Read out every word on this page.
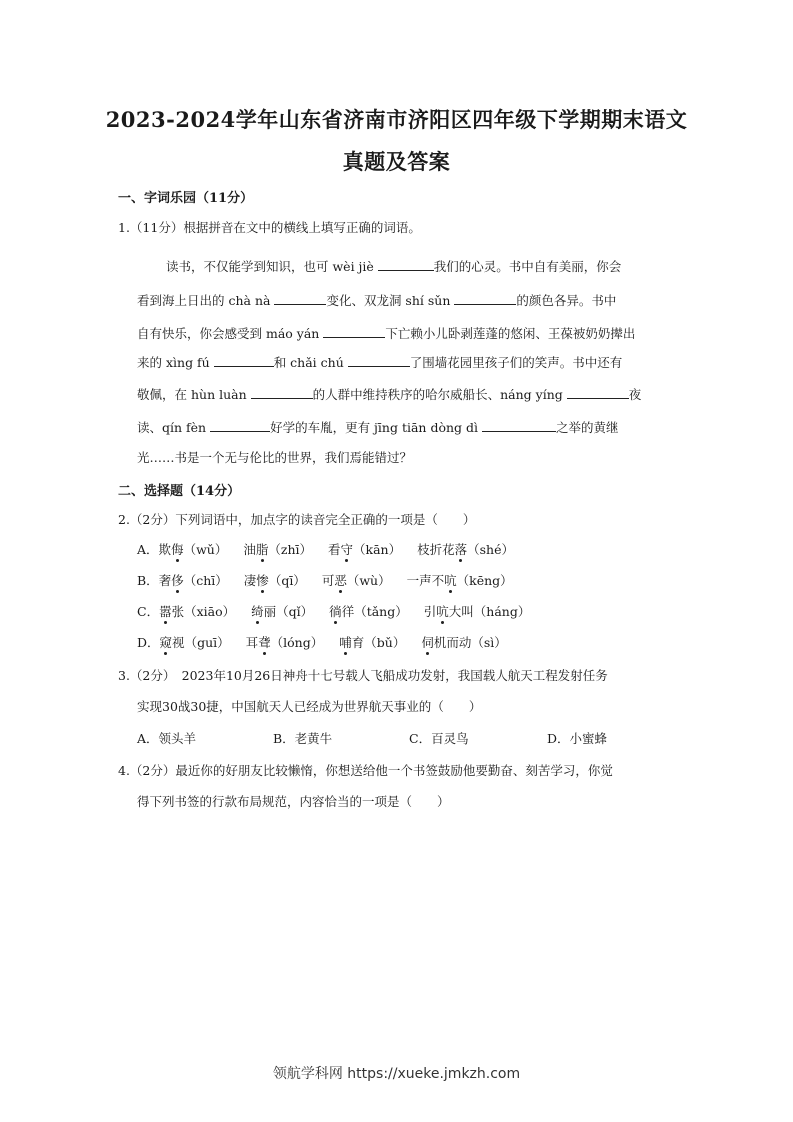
2023-2024学年山东省济南市济阳区四年级下学期期末语文
真题及答案
一、字词乐园（11分）
1.（11分）根据拼音在文中的横线上填写正确的词语。
读书，不仅能学到知识，也可 wèi jiè	我们的心灵。书中自有美丽，你会
看到海上日出的 chà nà	变化、双龙洞 shí sǔn	的颜色各异。书中
自有快乐，你会感受到 máo yán	下亡赖小儿卧剥莲蓬的悠闲、王葆被奶奶撵出
来的 xìng fú	和 chǎi chú	了围墙花园里孩子们的笑声。书中还有
敬佩，在 hùn luàn	的人群中维持秩序的哈尔威船长、náng yíng	夜
读、qín fèn	好学的车胤，更有 jīng tiān dòng dì	之举的黄继
光……书是一个无与伦比的世界，我们焉能错过？
二、选择题（14分）
2.（2分）下列词语中，加点字的读音完全正确的一项是（　　）
A．欺侮（wǔ） 油脂（zhī） 看守（kān） 枝折花落（shé）
B．奢侈（chī） 凄惨（qī） 可恶（wù） 一声不吭（kēng）
C．嚣张（xiāo） 绮丽（qǐ） 徜徉（tǎng） 引吭大叫（háng）
D．窥视（guī） 耳聋（lóng） 哺育（bǔ） 伺机而动（sì）
3.（2分）　2023年10月26日神舟十七号载人飞船成功发射，我国载人航天工程发射任务
实现30战30捷，中国航天人已经成为世界航天事业的（　　）
A．领头羊	B．老黄牛	C．百灵鸟	D．小蜜蜂
4.（2分）最近你的好朋友比较懒惰，你想送给他一个书签鼓励他要勤奋、刻苦学习，你觉
得下列书签的行款布局规范，内容恰当的一项是（　　）
领航学科网 https://xueke.jmkzh.com
